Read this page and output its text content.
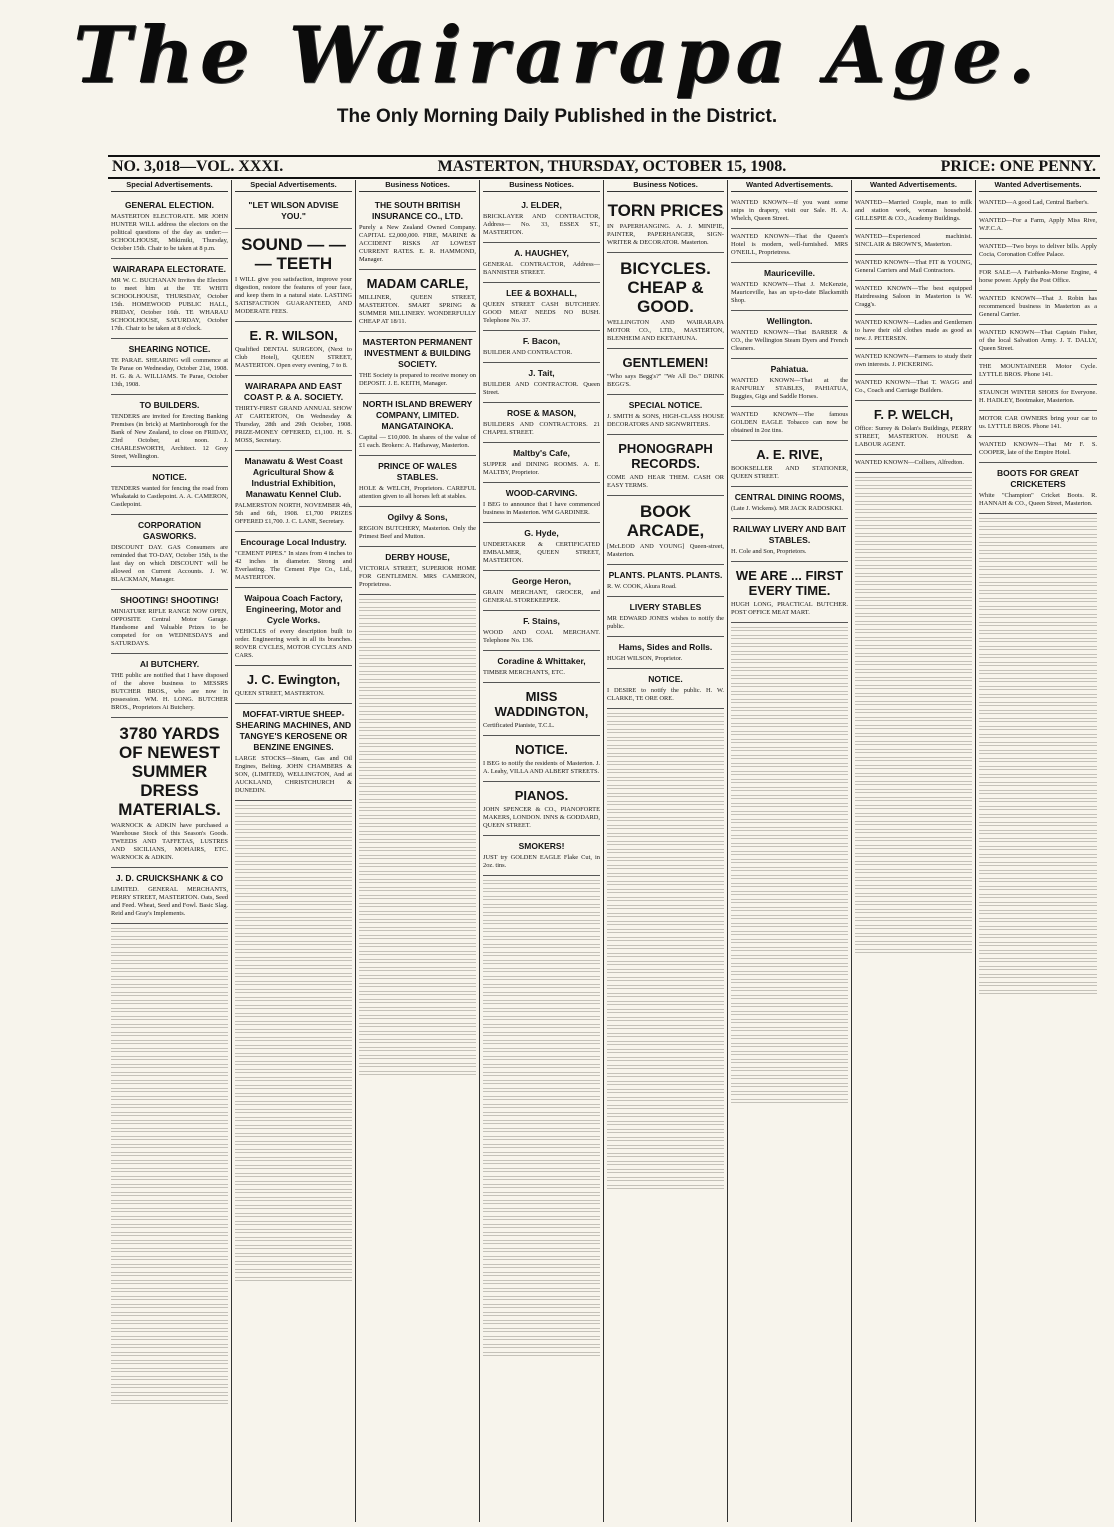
The Wairarapa Age.
The Only Morning Daily Published in the District.
NO. 3,018—VOL. XXXI.	MASTERTON, THURSDAY, OCTOBER 15, 1908.	PRICE: ONE PENNY.
Special Advertisements.
GENERAL ELECTION.

MASTERTON ELECTORATE. MR JOHN HUNTER WILL address the electors on the political questions of the day as under:— SCHOOLHOUSE, Mikimiki, Thursday, October 15th. Chair to be taken at 8 p.m.

WAIRARAPA ELECTORATE.

MR W. C. BUCHANAN Invites the Electors to meet him at the TE WHITI SCHOOLHOUSE, THURSDAY, October 15th. HOMEWOOD PUBLIC HALL, FRIDAY, October 16th. TE WHARAU SCHOOLHOUSE, SATURDAY, October 17th. Chair to be taken at 8 o'clock.

SHEARING NOTICE.

TE PARAE. SHEARING will commence at Te Parae on Wednesday, October 21st, 1908. H. G. & A. WILLIAMS. Te Parae, October 13th, 1908.

TO BUILDERS.

TENDERS are invited for Erecting Banking Premises (in brick) at Martinborough for the Bank of New Zealand, to close on FRIDAY, 23rd October, at noon. J. CHARLESWORTH, Architect. 12 Grey Street, Wellington.

NOTICE.

TENDERS wanted for fencing the road from Whakataki to Castlepoint. A. A. CAMERON, Castlepoint.

CORPORATION GASWORKS.

DISCOUNT DAY. GAS Consumers are reminded that TO-DAY, October 15th, is the last day on which DISCOUNT will be allowed on Current Accounts. J. W. BLACKMAN, Manager.

SHOOTING! SHOOTING!

MINIATURE RIFLE RANGE NOW OPEN, OPPOSITE Central Motor Garage. Handsome and Valuable Prizes to be competed for on WEDNESDAYS and SATURDAYS.

AI BUTCHERY.

THE public are notified that I have disposed of the above business to MESSRS BUTCHER BROS., who are now in possession. WM. H. LONG. BUTCHER BROS., Proprietors Ai Butchery.

3780 YARDS OF NEWEST SUMMER DRESS MATERIALS.

WARNOCK & ADKIN have purchased a Warehouse Stock of this Season's Goods. TWEEDS AND TAFFETAS, LUSTRES AND SICILIANS, MOHAIRS, ETC. WARNOCK & ADKIN.

J. D. CRUICKSHANK & CO

LIMITED. GENERAL MERCHANTS, PERRY STREET, MASTERTON. Oats, Seed and Feed. Wheat, Seed and Fowl. Basic Slag. Reid and Gray's Implements.

Special Advertisements.
"LET WILSON ADVISE YOU."
SOUND — — — TEETH

I WILL give you satisfaction, improve your digestion, restore the features of your face, and keep them in a natural state. LASTING SATISFACTION GUARANTEED, AND MODERATE FEES.

E. R. WILSON,

Qualified DENTAL SURGEON, (Next to Club Hotel), QUEEN STREET, MASTERTON. Open every evening, 7 to 8.

WAIRARAPA AND EAST COAST P. & A. SOCIETY.

THIRTY-FIRST GRAND ANNUAL SHOW AT CARTERTON, On Wednesday & Thursday, 28th and 29th October, 1908. PRIZE-MONEY OFFERED, £1,100. H. S. MOSS, Secretary.

Manawatu & West Coast Agricultural Show & Industrial Exhibition, Manawatu Kennel Club.

PALMERSTON NORTH, NOVEMBER 4th, 5th and 6th, 1908. £1,700 PRIZES OFFERED £1,700. J. C. LANE, Secretary.

Encourage Local Industry.

"CEMENT PIPES." In sizes from 4 inches to 42 inches in diameter. Strong and Everlasting. The Cement Pipe Co., Ltd., MASTERTON.

Waipoua Coach Factory, Engineering, Motor and Cycle Works.

VEHICLES of every description built to order. Engineering work in all its branches. ROVER CYCLES, MOTOR CYCLES AND CARS.

J. C. Ewington,

QUEEN STREET, MASTERTON.

MOFFAT-VIRTUE SHEEP-SHEARING MACHINES, AND TANGYE'S KEROSENE OR BENZINE ENGINES.

LARGE STOCKS—Steam, Gas and Oil Engines, Belting. JOHN CHAMBERS & SON, (LIMITED), WELLINGTON, And at AUCKLAND, CHRISTCHURCH & DUNEDIN.

Business Notices.
THE SOUTH BRITISH INSURANCE CO., LTD.

Purely a New Zealand Owned Company. CAPITAL £2,000,000. FIRE, MARINE & ACCIDENT RISKS AT LOWEST CURRENT RATES. E. R. HAMMOND, Manager.

MADAM CARLE,

MILLINER, QUEEN STREET, MASTERTON. SMART SPRING & SUMMER MILLINERY. WONDERFULLY CHEAP AT 18/11.

MASTERTON PERMANENT INVESTMENT & BUILDING SOCIETY.

THE Society is prepared to receive money on DEPOSIT. J. E. KEITH, Manager.

NORTH ISLAND BREWERY COMPANY, LIMITED. MANGATAINOKA.

Capital — £10,000. In shares of the value of £1 each. Brokers: A. Hathaway, Masterton.

PRINCE OF WALES STABLES.

HOLE & WELCH, Proprietors. CAREFUL attention given to all horses left at stables.

Ogilvy & Sons,

REGION BUTCHERY, Masterton. Only the Primest Beef and Mutton.

DERBY HOUSE,

VICTORIA STREET, SUPERIOR HOME FOR GENTLEMEN. MRS CAMERON, Proprietress.

Business Notices.
J. ELDER,

BRICKLAYER AND CONTRACTOR, Address— No. 33, ESSEX ST., MASTERTON.

A. HAUGHEY,

GENERAL CONTRACTOR, Address—BANNISTER STREET.

LEE & BOXHALL,

QUEEN STREET CASH BUTCHERY. GOOD MEAT NEEDS NO BUSH. Telephone No. 37.

F. Bacon,

BUILDER AND CONTRACTOR.

J. Tait,

BUILDER AND CONTRACTOR. Queen Street.

ROSE & MASON,

BUILDERS AND CONTRACTORS. 21 CHAPEL STREET.

Maltby's Cafe,

SUPPER and DINING ROOMS. A. E. MALTBY, Proprietor.

WOOD-CARVING.

I BEG to announce that I have commenced business in Masterton. WM GARDINER.

G. Hyde,

UNDERTAKER & CERTIFICATED EMBALMER, QUEEN STREET, MASTERTON.

George Heron,

GRAIN MERCHANT, GROCER, and GENERAL STOREKEEPER.

F. Stains,

WOOD AND COAL MERCHANT. Telephone No. 136.

Coradine & Whittaker,

TIMBER MERCHANTS, ETC.

MISS WADDINGTON,

Certificated Pianiste, T.C.L.

NOTICE.

I BEG to notify the residents of Masterton. J. A. Leahy, VILLA AND ALBERT STREETS.

PIANOS.

JOHN SPENCER & CO., PIANOFORTE MAKERS, LONDON. INNS & GODDARD, QUEEN STREET.

SMOKERS!

JUST try GOLDEN EAGLE Flake Cut, in 2oz. tins.

Business Notices.
TORN PRICES

IN PAPERHANGING. A. J. MINIFIE, PAINTER, PAPERHANGER, SIGN-WRITER & DECORATOR. Masterton.

BICYCLES. CHEAP & GOOD.

WELLINGTON AND WAIRARAPA MOTOR CO., LTD., MASTERTON, BLENHEIM AND EKETAHUNA.

GENTLEMEN!

"Who says Begg's?" "We All Do." DRINK BEGG'S.

SPECIAL NOTICE.

J. SMITH & SONS, HIGH-CLASS HOUSE DECORATORS AND SIGNWRITERS.

PHONOGRAPH RECORDS.

COME AND HEAR THEM. CASH OR EASY TERMS.

BOOK ARCADE,

[McLEOD AND YOUNG] Queen-street, Masterton.

PLANTS. PLANTS. PLANTS.

R. W. COOK, Akura Road.

LIVERY STABLES

MR EDWARD JONES wishes to notify the public.

Hams, Sides and Rolls.

HUGH WILSON, Proprietor.

NOTICE.

I DESIRE to notify the public. H. W. CLARKE, TE ORE ORE.

Wanted Advertisements.

WANTED KNOWN—If you want some snips in drapery, visit our Sale. H. A. Whelch, Queen Street.

WANTED KNOWN—That the Queen's Hotel is modern, well-furnished. MRS O'NEILL, Proprietress.

Mauriceville.

WANTED KNOWN—That J. McKenzie, Mauriceville, has an up-to-date Blacksmith Shop.

Wellington.

WANTED KNOWN—That BARBER & CO., the Wellington Steam Dyers and French Cleaners.

Pahiatua.

WANTED KNOWN—That at the RANFURLY STABLES, PAHIATUA, Buggies, Gigs and Saddle Horses.

WANTED KNOWN—The famous GOLDEN EAGLE Tobacco can now be obtained in 2oz tins.

A. E. RIVE,

BOOKSELLER AND STATIONER, QUEEN STREET.

CENTRAL DINING ROOMS,

(Late J. Wickens). MR JACK RADOSKKI.

RAILWAY LIVERY AND BAIT STABLES.

H. Cole and Son, Proprietors.

WE ARE ... FIRST EVERY TIME.

HUGH LONG, PRACTICAL BUTCHER. POST OFFICE MEAT MART.

Wanted Advertisements.

WANTED—Married Couple, man to milk and station work, woman household. GILLESPIE & CO., Academy Buildings.

WANTED—Experienced machinist. SINCLAIR & BROWN'S, Masterton.

WANTED KNOWN—That FIT & YOUNG, General Carriers and Mail Contractors.

WANTED KNOWN—The best equipped Hairdressing Saloon in Masterton is W. Cragg's.

WANTED KNOWN—Ladies and Gentlemen to have their old clothes made as good as new. J. PETERSEN.

WANTED KNOWN—Farmers to study their own interests. J. PICKERING.

WANTED KNOWN—That T. WAGG and Co., Coach and Carriage Builders.

F. P. WELCH,

Office: Surrey & Dolan's Buildings, PERRY STREET, MASTERTON. HOUSE & LABOUR AGENT.

WANTED KNOWN—Colliers, Alfredton.

Wanted Advertisements.

WANTED—A good Lad, Central Barber's.

WANTED—For a Farm, Apply Miss Rive, W.F.C.A.

WANTED—Two boys to deliver bills. Apply Cocia, Coronation Coffee Palace.

FOR SALE—A Fairbanks-Morse Engine, 4 horse power. Apply the Post Office.

WANTED KNOWN—That J. Robin has recommenced business in Masterton as a General Carrier.

WANTED KNOWN—That Captain Fisher, of the local Salvation Army. J. T. DALLY, Queen Street.

THE MOUNTAINEER Motor Cycle. LYTTLE BROS. Phone 141.

STAUNCH WINTER SHOES for Everyone. H. HADLEY, Bootmaker, Masterton.

MOTOR CAR OWNERS bring your car to us. LYTTLE BROS. Phone 141.

WANTED KNOWN—That Mr F. S. COOPER, late of the Empire Hotel.

BOOTS FOR GREAT CRICKETERS

White "Champion" Cricket Boots. R. HANNAH & CO., Queen Street, Masterton.
